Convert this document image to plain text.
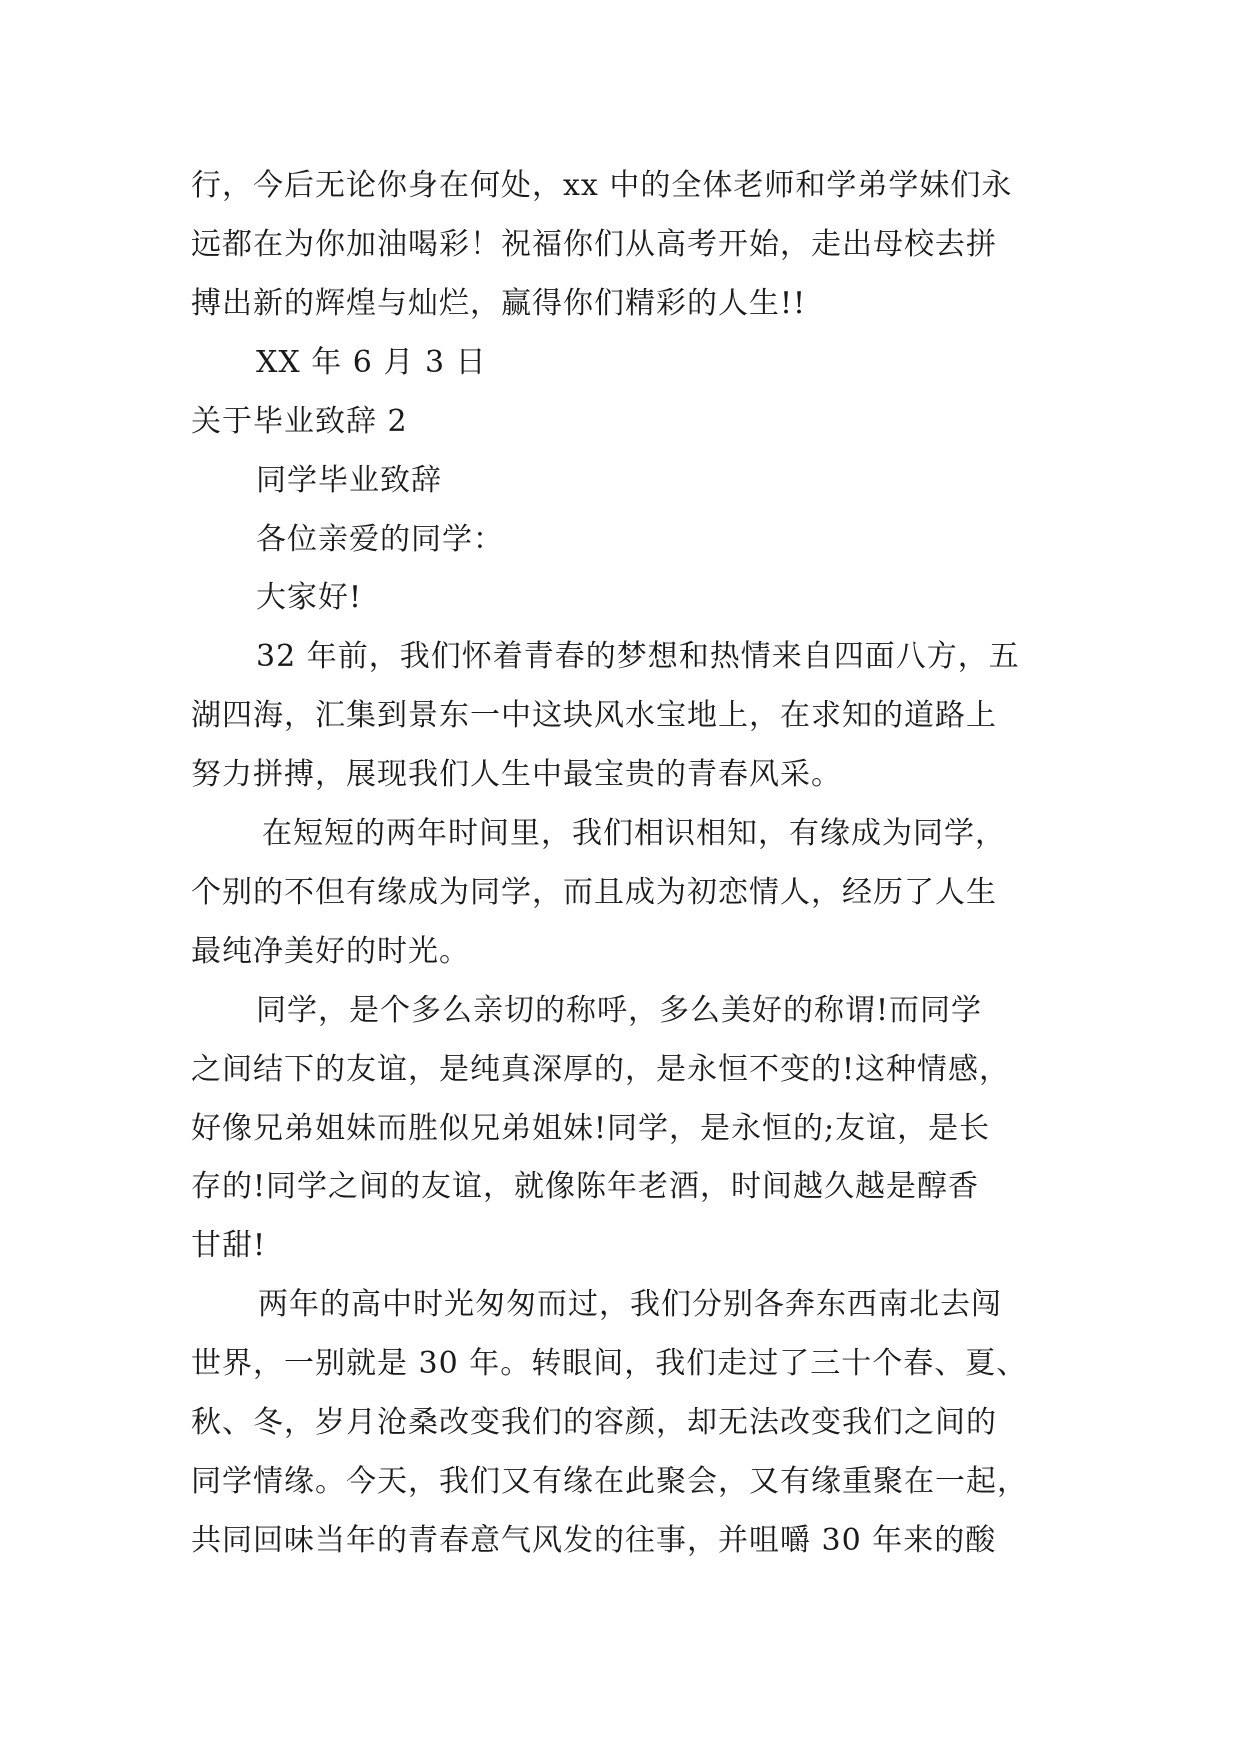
行，今后无论你身在何处，xx 中的全体老师和学弟学妹们永
远都在为你加油喝彩！祝福你们从高考开始，走出母校去拼
搏出新的辉煌与灿烂，赢得你们精彩的人生!!
XX 年 6 月 3 日
关于毕业致辞 2
同学毕业致辞
各位亲爱的同学：
大家好!
32 年前，我们怀着青春的梦想和热情来自四面八方，五
湖四海，汇集到景东一中这块风水宝地上，在求知的道路上
努力拼搏，展现我们人生中最宝贵的青春风采。
在短短的两年时间里，我们相识相知，有缘成为同学，
个别的不但有缘成为同学，而且成为初恋情人，经历了人生
最纯净美好的时光。
同学，是个多么亲切的称呼，多么美好的称谓!而同学
之间结下的友谊，是纯真深厚的，是永恒不变的!这种情感，
好像兄弟姐妹而胜似兄弟姐妹!同学，是永恒的;友谊，是长
存的!同学之间的友谊，就像陈年老酒，时间越久越是醇香
甘甜!
两年的高中时光匆匆而过，我们分别各奔东西南北去闯
世界，一别就是 30 年。转眼间，我们走过了三十个春、夏、
秋、冬，岁月沧桑改变我们的容颜，却无法改变我们之间的
同学情缘。今天，我们又有缘在此聚会，又有缘重聚在一起，
共同回味当年的青春意气风发的往事，并咀嚼 30 年来的酸
